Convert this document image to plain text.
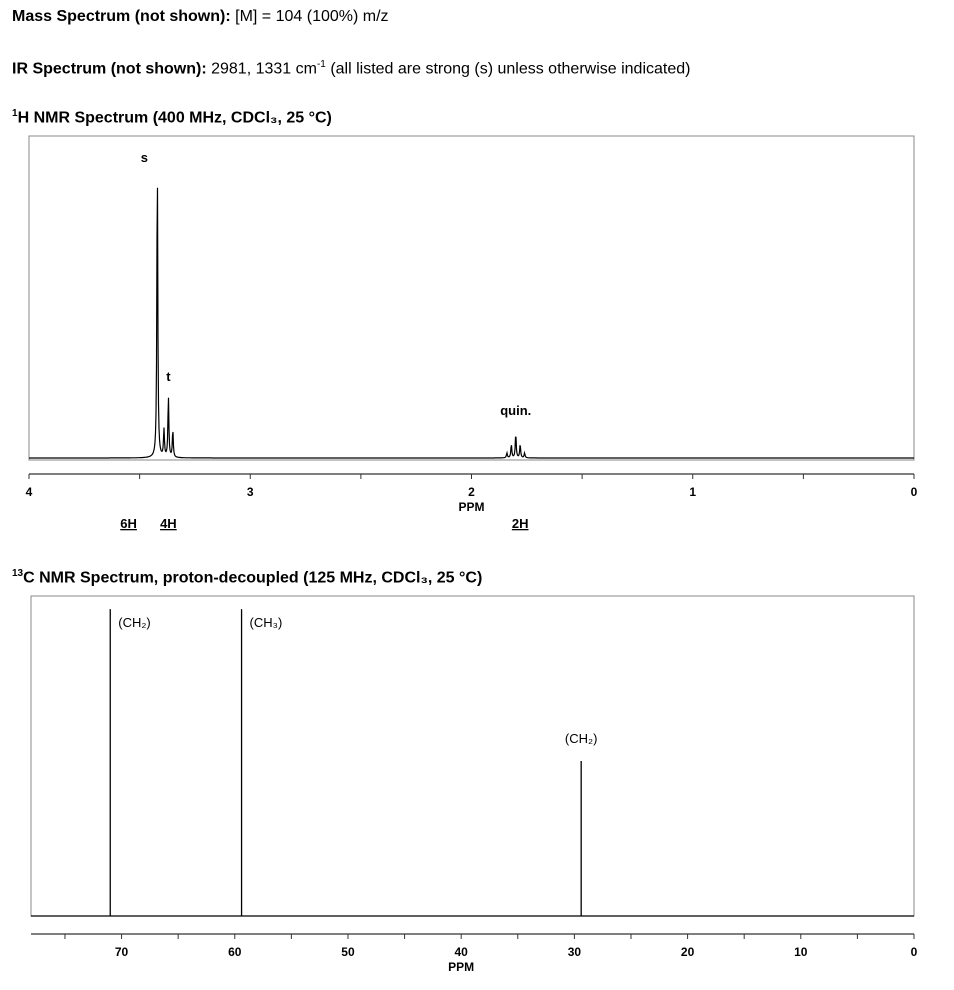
Mass Spectrum (not shown): [M] = 104 (100%) m/z
IR Spectrum (not shown): 2981, 1331 $cm^{-1}$ (all listed are strong (s) unless otherwise indicated)
$^1$H NMR Spectrum (400 MHz, CDCl₃, 25 °C)
$^{13}$C NMR Spectrum, proton-decoupled (125 MHz, CDCl₃, 25 °C)
4	3	2	1	0
PPM
s
t
quin.
6H 4H	2H
70	60	50	40	30	20	10	0
PPM
(CH₂)	(CH₃)
(CH₂)
